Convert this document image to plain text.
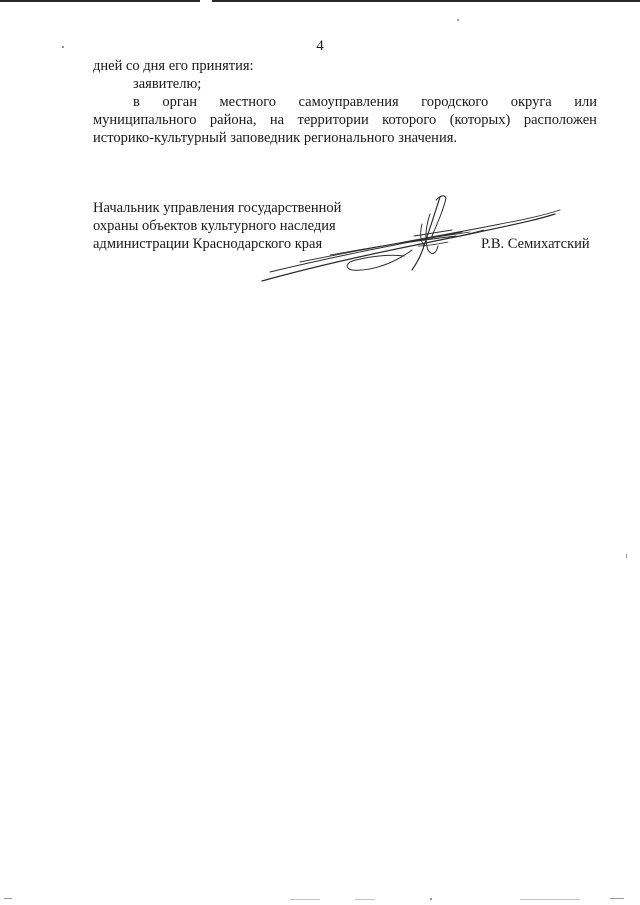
4
дней со дня его принятия:
заявителю;
в орган местного самоуправления городского округа или
муниципального района, на территории которого (которых) расположен
историко-культурный заповедник регионального значения.
Начальник управления государственной
охраны объектов культурного наследия
администрации Краснодарского края	Р.В. Семихатский
